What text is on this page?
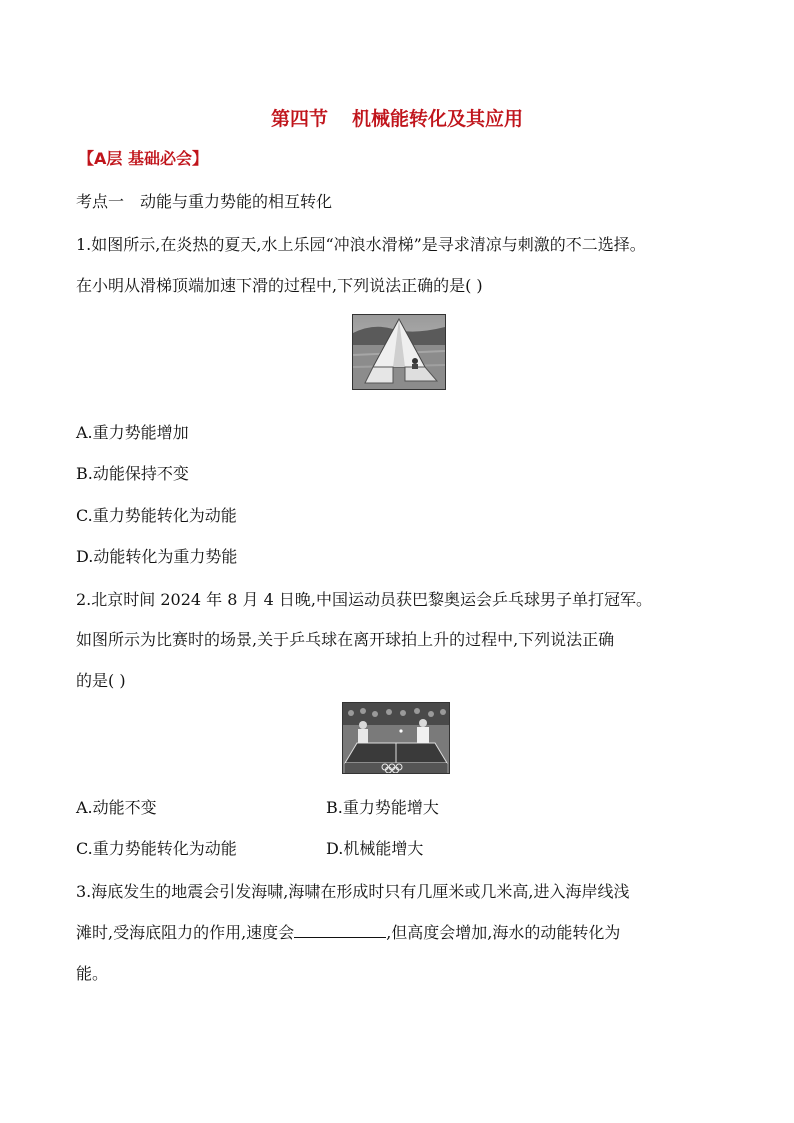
第四节 机械能转化及其应用
【A层 基础必会】
考点一　动能与重力势能的相互转化
1.如图所示,在炎热的夏天,水上乐园“冲浪水滑梯”是寻求清凉与刺激的不二选择。
在小明从滑梯顶端加速下滑的过程中,下列说法正确的是( )
A.重力势能增加
B.动能保持不变
C.重力势能转化为动能
D.动能转化为重力势能
2.北京时间 2024 年 8 月 4 日晚,中国运动员获巴黎奥运会乒乓球男子单打冠军。
如图所示为比赛时的场景,关于乒乓球在离开球拍上升的过程中,下列说法正确
的是( )
A.动能不变	B.重力势能增大
C.重力势能转化为动能	D.机械能增大
3.海底发生的地震会引发海啸,海啸在形成时只有几厘米或几米高,进入海岸线浅
滩时,受海底阻力的作用,速度会	,但高度会增加,海水的动能转化为
能。
